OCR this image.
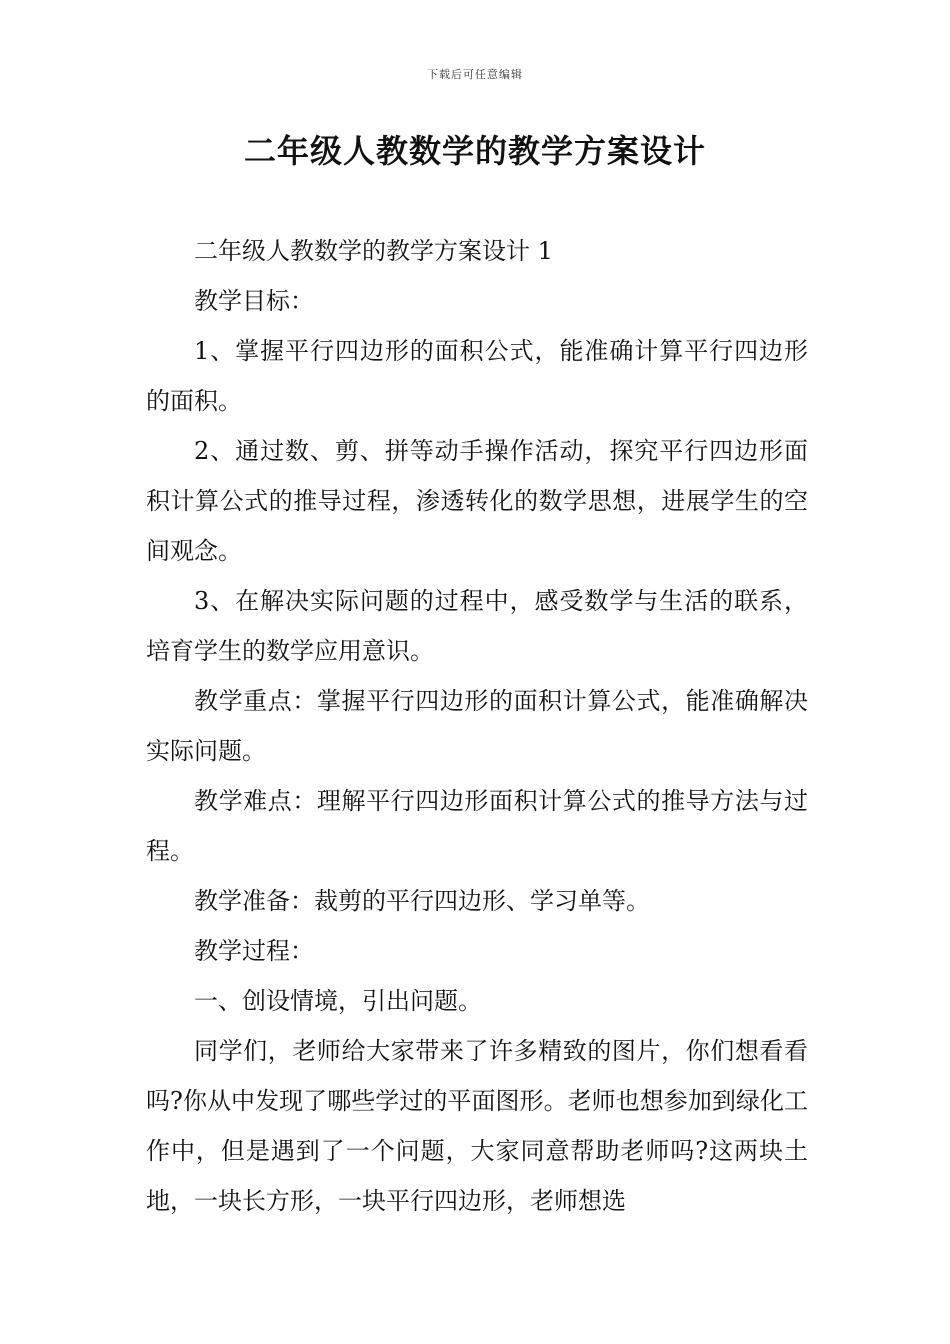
下载后可任意编辑
二年级人教数学的教学方案设计

二年级人教数学的教学方案设计 1

教学目标：

1、掌握平行四边形的面积公式，能准确计算平行四边形的面积。

2、通过数、剪、拼等动手操作活动，探究平行四边形面积计算公式的推导过程，渗透转化的数学思想，进展学生的空间观念。

3、在解决实际问题的过程中，感受数学与生活的联系，培育学生的数学应用意识。

教学重点：掌握平行四边形的面积计算公式，能准确解决实际问题。

教学难点：理解平行四边形面积计算公式的推导方法与过程。

教学准备：裁剪的平行四边形、学习单等。

教学过程：

一、创设情境，引出问题。

同学们，老师给大家带来了许多精致的图片，你们想看看吗?你从中发现了哪些学过的平面图形。老师也想参加到绿化工作中，但是遇到了一个问题，大家同意帮助老师吗?这两块土地，一块长方形，一块平行四边形，老师想选
